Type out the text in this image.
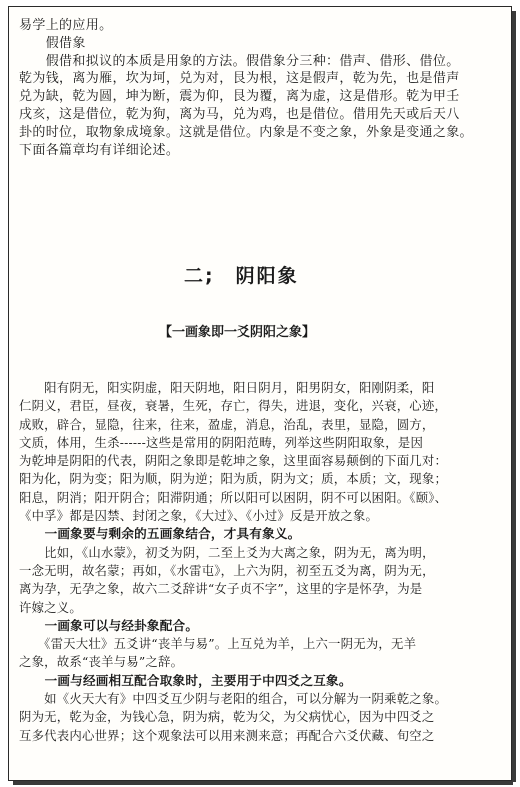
易学上的应用。
　　假借象
　　假借和拟议的本质是用象的方法。假借象分三种：借声、借形、借位。
乾为钱，离为雁，坎为坷，兑为对，艮为根，这是假声，乾为先，也是借声
兑为缺，乾为圆，坤为断，震为仰，艮为覆，离为虚，这是借形。乾为甲壬
戌亥，这是借位，乾为狗，离为马，兑为鸡，也是借位。借用先天或后天八
卦的时位，取物象成境象。这就是借位。内象是不变之象，外象是变通之象。
下面各篇章均有详细论述。
二;　阴阳象
【一画象即一爻阴阳之象】
　　阳有阴无，阳实阴虚，阳天阴地，阳日阴月，阳男阴女，阳刚阴柔，阳
仁阴义，君臣，昼夜，衰暑，生死，存亡，得失，进退，变化，兴衰，心迹，
成败，辟合，显隐，往来，往来，盈虚，消息，治乱，表里，显隐，圆方，
文质，体用，生杀------这些是常用的阴阳范畴，列举这些阴阳取象，是因
为乾坤是阴阳的代表，阴阳之象即是乾坤之象，这里面容易颠倒的下面几对：
阳为化，阴为变；阳为顺，阴为逆；阳为质，阴为文；质，本质；文，现象；
阳息，阴消；阳开阴合；阳滞阴通；所以阳可以困阴，阴不可以困阳。《颐》、
《中孚》都是囚禁、封闭之象，《大过》、《小过》反是开放之象。
　　一画象要与剩余的五画象结合，才具有象义。
　　比如，《山水蒙》，初爻为阴，二至上爻为大离之象，阴为无，离为明，
一念无明，故名蒙；再如，《水雷屯》，上六为阴，初至五爻为离，阴为无，
离为孕，无孕之象，故六二爻辞讲“女子贞不字”，这里的字是怀孕，为是
许嫁之义。
　　一画象可以与经卦象配合。
　　《雷天大壮》五爻讲“丧羊与易”。上互兑为羊，上六一阴无为，无羊
之象，故系“丧羊与易”之辞。
　　一画与经画相互配合取象时，主要用于中四爻之互象。
　　如《火天大有》中四爻互少阴与老阳的组合，可以分解为一阴乘乾之象。
阴为无，乾为金，为钱心急，阴为病，乾为父，为父病忧心，因为中四爻之
互多代表内心世界；这个观象法可以用来测来意；再配合六爻伏藏、旬空之
